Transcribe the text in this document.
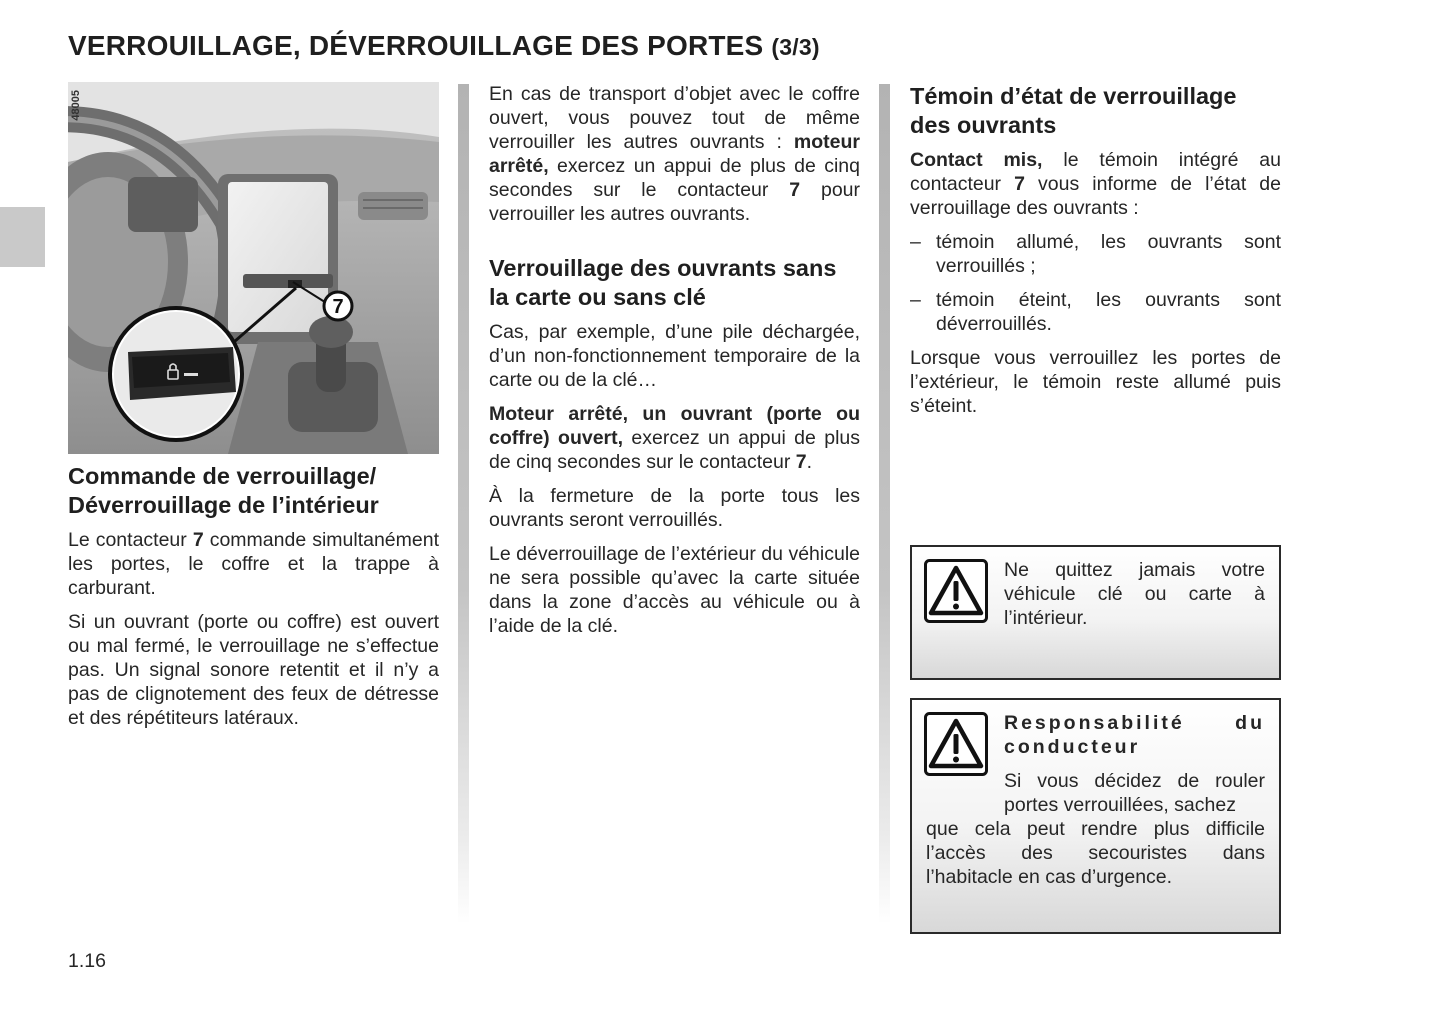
VERROUILLAGE, DÉVERROUILLAGE DES PORTES (3/3)
7
48005
Commande de verrouillage/ Déverrouillage de l’intérieur

Le contacteur 7 commande simultanément les portes, le coffre et la trappe à carburant.

Si un ouvrant (porte ou coffre) est ouvert ou mal fermé, le verrouillage ne s’effectue pas. Un signal sonore retentit et il n’y a pas de clignotement des feux de détresse et des répétiteurs latéraux.

En cas de transport d’objet avec le coffre ouvert, vous pouvez tout de même verrouiller les autres ouvrants : moteur arrêté, exercez un appui de plus de cinq secondes sur le contacteur 7 pour verrouiller les autres ouvrants.

Verrouillage des ouvrants sans la carte ou sans clé

Cas, par exemple, d’une pile déchargée, d’un non-fonctionnement temporaire de la carte ou de la clé…

Moteur arrêté, un ouvrant (porte ou coffre) ouvert, exercez un appui de plus de cinq secondes sur le contacteur 7.

À la fermeture de la porte tous les ouvrants seront verrouillés.

Le déverrouillage de l’extérieur du véhicule ne sera possible qu’avec la carte située dans la zone d’accès au véhicule ou à l’aide de la clé.

Témoin d’état de verrouillage des ouvrants

Contact mis, le témoin intégré au contacteur 7 vous informe de l’état de verrouillage des ouvrants :

– témoin allumé, les ouvrants sont verrouillés ;
– témoin éteint, les ouvrants sont déverrouillés.

Lorsque vous verrouillez les portes de l’extérieur, le témoin reste allumé puis s’éteint.

Ne quittez jamais votre véhicule clé ou carte à l’intérieur.

Responsabilité du conducteur

Si vous décidez de rouler portes verrouillées, sachez

que cela peut rendre plus difficile l’accès des secouristes dans l’habitacle en cas d’urgence.

1.16
